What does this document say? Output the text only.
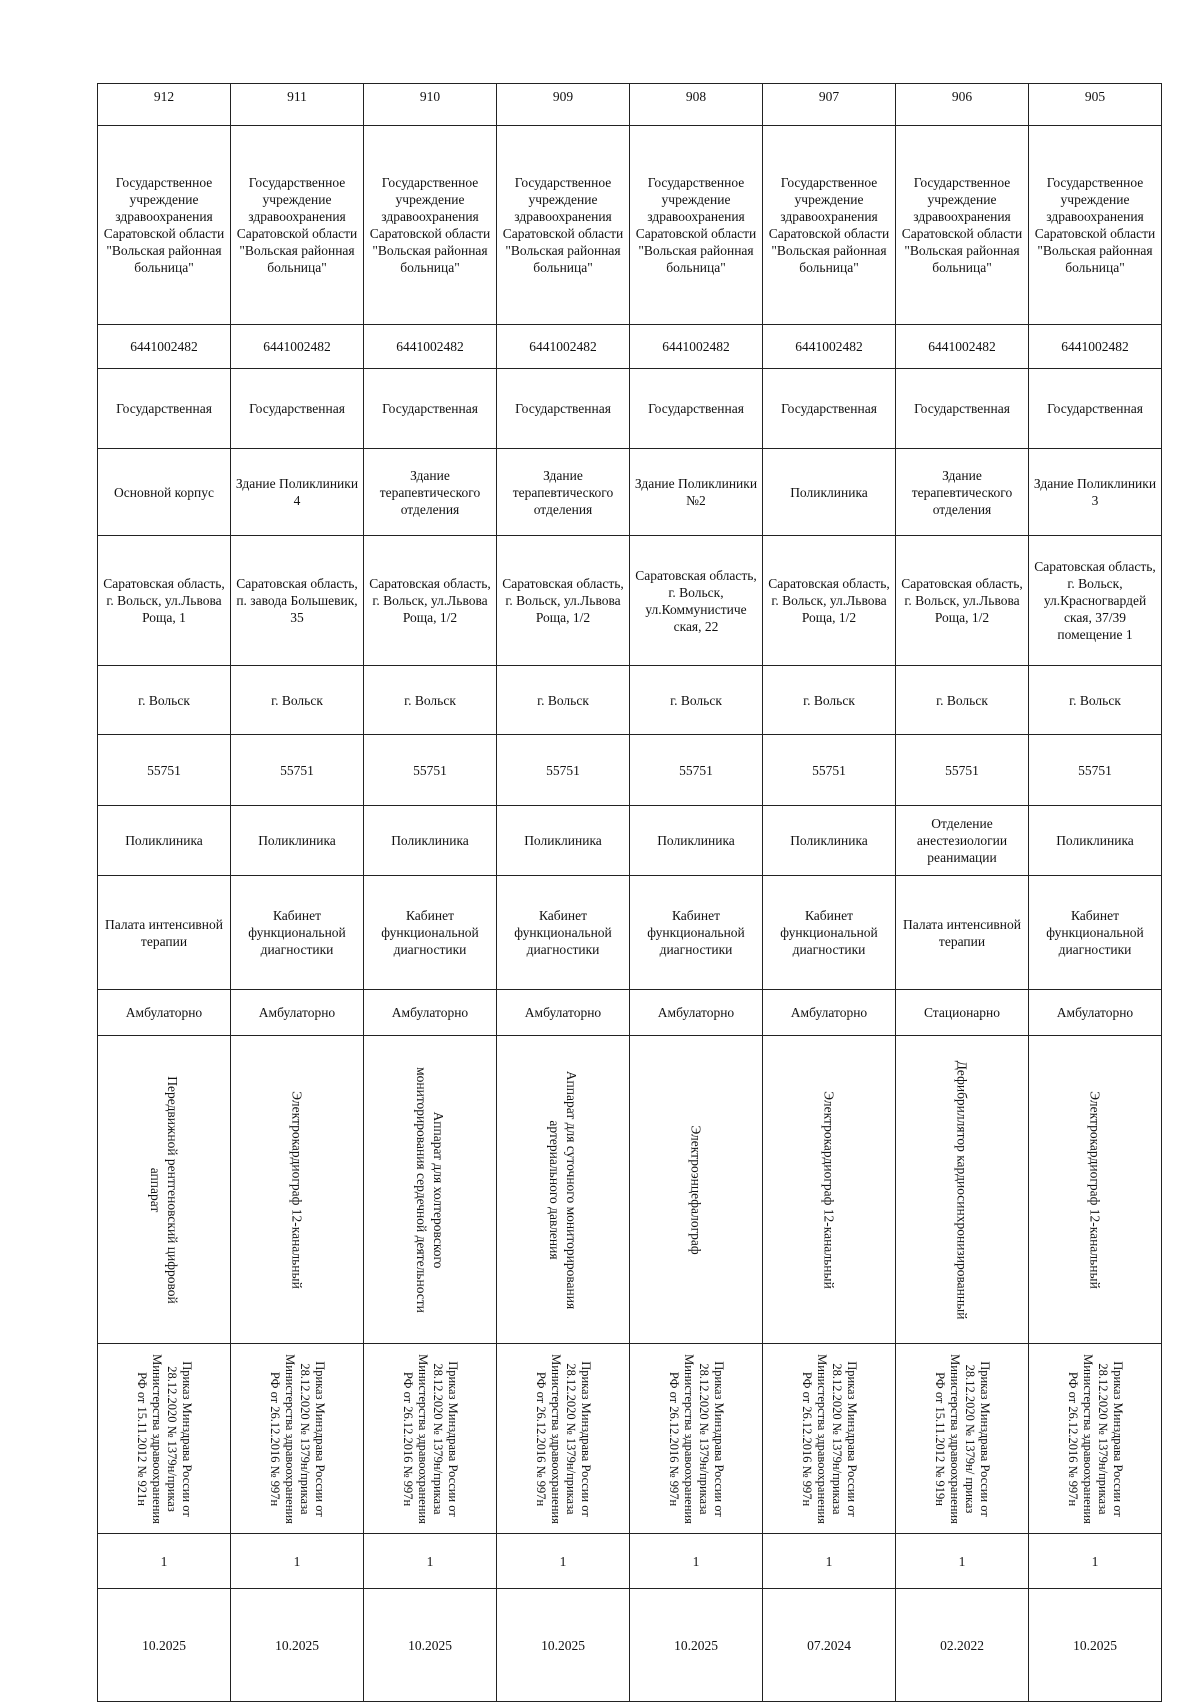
912	911	910	909	908	907	906	905
Государственное учреждение здравоохранения Саратовской области "Вольская районная больница"	Государственное учреждение здравоохранения Саратовской области "Вольская районная больница"	Государственное учреждение здравоохранения Саратовской области "Вольская районная больница"	Государственное учреждение здравоохранения Саратовской области "Вольская районная больница"	Государственное учреждение здравоохранения Саратовской области "Вольская районная больница"	Государственное учреждение здравоохранения Саратовской области "Вольская районная больница"	Государственное учреждение здравоохранения Саратовской области "Вольская районная больница"	Государственное учреждение здравоохранения Саратовской области "Вольская районная больница"
6441002482	6441002482	6441002482	6441002482	6441002482	6441002482	6441002482	6441002482
Государственная	Государственная	Государственная	Государственная	Государственная	Государственная	Государственная	Государственная
Основной корпус	Здание Поликлиники 4	Здание терапевтического отделения	Здание терапевтического отделения	Здание Поликлиники №2	Поликлиника	Здание терапевтического отделения	Здание Поликлиники 3
Саратовская область, г. Вольск, ул.Львова Роща, 1	Саратовская область, п. завода Большевик, 35	Саратовская область, г. Вольск, ул.Львова Роща, 1/2	Саратовская область, г. Вольск, ул.Львова Роща, 1/2	Саратовская область, г. Вольск, ул.Коммунистиче ская, 22	Саратовская область, г. Вольск, ул.Львова Роща, 1/2	Саратовская область, г. Вольск, ул.Львова Роща, 1/2	Саратовская область, г. Вольск, ул.Красногвардей ская, 37/39 помещение 1
г. Вольск	г. Вольск	г. Вольск	г. Вольск	г. Вольск	г. Вольск	г. Вольск	г. Вольск
55751	55751	55751	55751	55751	55751	55751	55751
Поликлиника	Поликлиника	Поликлиника	Поликлиника	Поликлиника	Поликлиника	Отделение анестезиологии реанимации	Поликлиника
Палата интенсивной терапии	Кабинет функциональной диагностики	Кабинет функциональной диагностики	Кабинет функциональной диагностики	Кабинет функциональной диагностики	Кабинет функциональной диагностики	Палата интенсивной терапии	Кабинет функциональной диагностики
Амбулаторно	Амбулаторно	Амбулаторно	Амбулаторно	Амбулаторно	Амбулаторно	Стационарно	Амбулаторно

Передвижной рентгеновский цифровой аппарат	Электрокардиограф 12-канальный	Аппарат для холтеровского мониторирования сердечной деятельности	Аппарат для суточного мониторирования артериального давления	Электроэнцефалограф	Электрокардиограф 12-канальный	Дефибриллятор кардиосинхронизированный	Электрокардиограф 12-канальный

Приказ Минздрава России от 28.12.2020 № 1379н/приказ Министерства здравоохранения РФ от 15.11.2012 № 921н	Приказ Минздрава России от 28.12.2020 № 1379н/приказа Министерства здравоохранения РФ от 26.12.2016 № 997н	Приказ Минздрава России от 28.12.2020 № 1379н/приказа Министерства здравоохранения РФ от 26.12.2016 № 997н	Приказ Минздрава России от 28.12.2020 № 1379н/приказа Министерства здравоохранения РФ от 26.12.2016 № 997н	Приказ Минздрава России от 28.12.2020 № 1379н/приказа Министерства здравоохранения РФ от 26.12.2016 № 997н	Приказ Минздрава России от 28.12.2020 № 1379н/приказа Министерства здравоохранения РФ от 26.12.2016 № 997н	Приказ Минздрава России от 28.12.2020 № 1379н/ приказ Министерства здравоохранения РФ от 15.11.2012 № 919н	Приказ Минздрава России от 28.12.2020 № 1379н/приказа Министерства здравоохранения РФ от 26.12.2016 № 997н

1	1	1	1	1	1	1	1
10.2025	10.2025	10.2025	10.2025	10.2025	07.2024	02.2022	10.2025
